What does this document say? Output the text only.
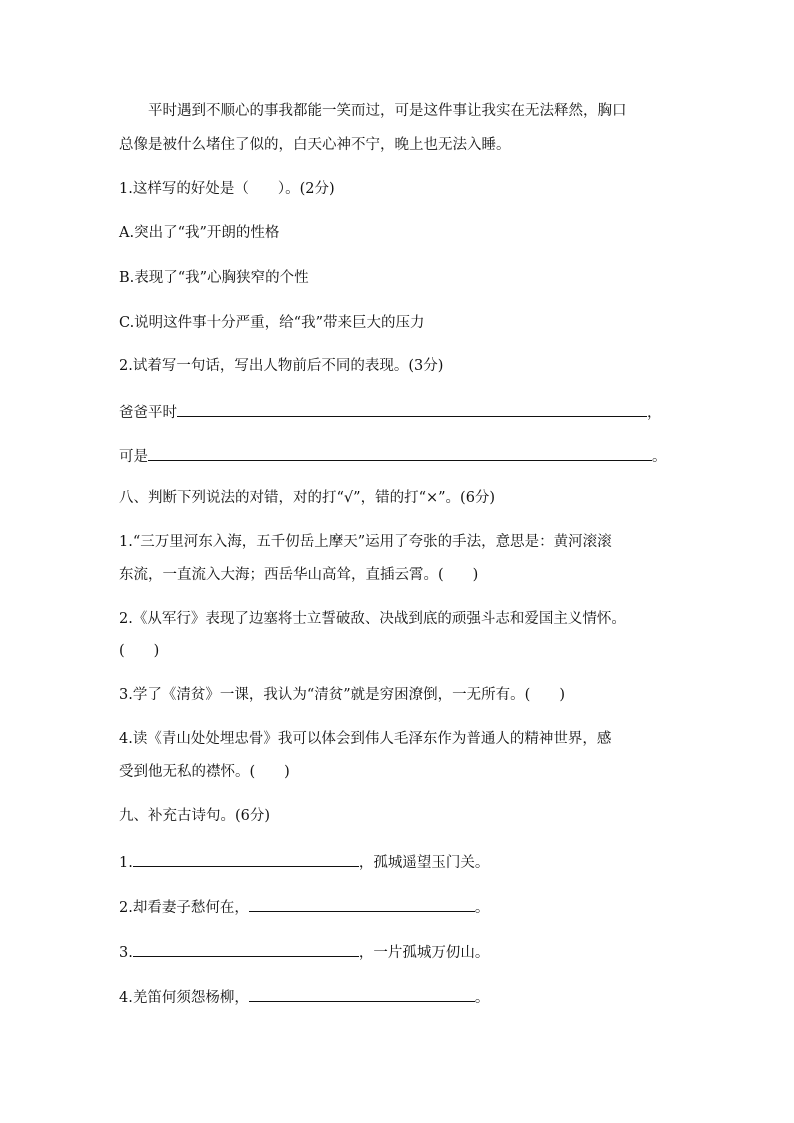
平时遇到不顺心的事我都能一笑而过，可是这件事让我实在无法释然，胸口
总像是被什么堵住了似的，白天心神不宁，晚上也无法入睡。
1.这样写的好处是（　　）。(2分)
A.突出了“我”开朗的性格
B.表现了“我”心胸狭窄的个性
C.说明这件事十分严重，给“我”带来巨大的压力
2.试着写一句话，写出人物前后不同的表现。(3分)
爸爸平时	，
可是	。
八、判断下列说法的对错，对的打“√”，错的打“×”。(6分)
1.“三万里河东入海，五千仞岳上摩天”运用了夸张的手法，意思是：黄河滚滚
东流，一直流入大海；西岳华山高耸，直插云霄。(　　)
2.《从军行》表现了边塞将士立誓破敌、决战到底的顽强斗志和爱国主义情怀。
(　　)
3.学了《清贫》一课，我认为“清贫”就是穷困潦倒，一无所有。(　　)
4.读《青山处处埋忠骨》我可以体会到伟人毛泽东作为普通人的精神世界，感
受到他无私的襟怀。(　　)
九、补充古诗句。(6分)
1.	，孤城遥望玉门关。
2.却看妻子愁何在，	。
3.	，一片孤城万仞山。
4.羌笛何须怨杨柳，	。
